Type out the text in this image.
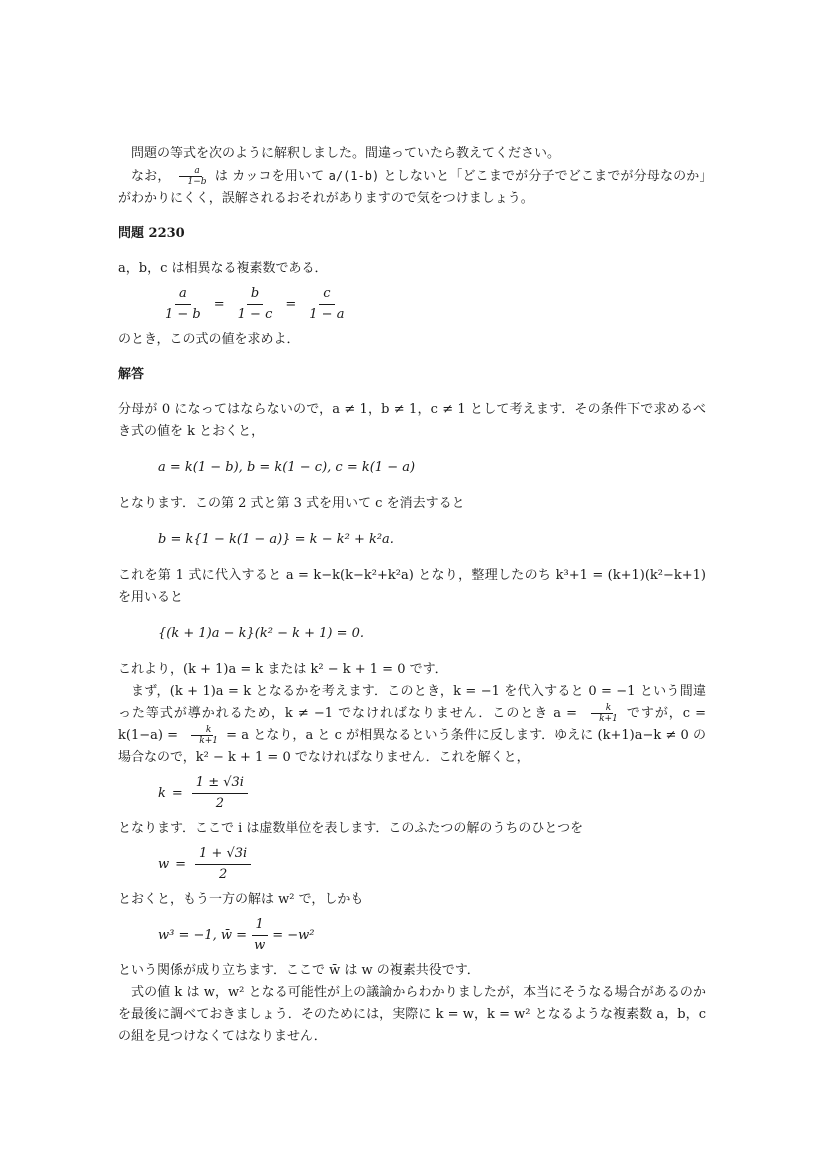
問題の等式を次のように解釈しました。間違っていたら教えてください。

なお， $\frac{a}{1-b}$ は カッコを用いて a/(1-b) としないと「どこまでが分子でどこまでが分母なのか」がわかりにくく，誤解されるおそれがありますので気をつけましょう。

問題 2230

a，b，c は相異なる複素数である．

$\frac{a}{1 - b} = \frac{b}{1 - c} = \frac{c}{1 - a}$

のとき，この式の値を求めよ．

解答

分母が 0 になってはならないので，a ≠ 1，b ≠ 1，c ≠ 1 として考えます．その条件下で求めるべき式の値を k とおくと，

a = k(1 − b), b = k(1 − c), c = k(1 − a)

となります．この第 2 式と第 3 式を用いて c を消去すると

b = k{1 − k(1 − a)} = k − k² + k²a.

これを第 1 式に代入すると a = k−k(k−k²+k²a) となり，整理したのち k³+1 = (k+1)(k²−k+1) を用いると

{(k + 1)a − k}(k² − k + 1) = 0.

これより，(k + 1)a = k または k² − k + 1 = 0 です．

まず，(k + 1)a = k となるかを考えます．このとき，k = −1 を代入すると 0 = −1 という間違った等式が導かれるため，k ≠ −1 でなければなりません．このとき $a = \frac{k}{k+1}$ ですが，$c = k(1-a) = \frac{k}{k+1} = a$ となり，a と c が相異なるという条件に反します．ゆえに (k+1)a−k ≠ 0 の場合なので，k² − k + 1 = 0 でなければなりません．これを解くと，

$k = \frac{1 \pm √3i}{2}$

となります．ここで i は虚数単位を表します．このふたつの解のうちのひとつを

$w = \frac{1 + √3i}{2}$

とおくと，もう一方の解は w² で，しかも

w³ = −1, w̄ = $\frac{1}{w} = -w^2$

という関係が成り立ちます．ここで w̄ は w の複素共役です．

式の値 k は w，w² となる可能性が上の議論からわかりましたが，本当にそうなる場合があるのかを最後に調べておきましょう．そのためには，実際に k = w，k = w² となるような複素数 a，b，c の組を見つけなくてはなりません．
